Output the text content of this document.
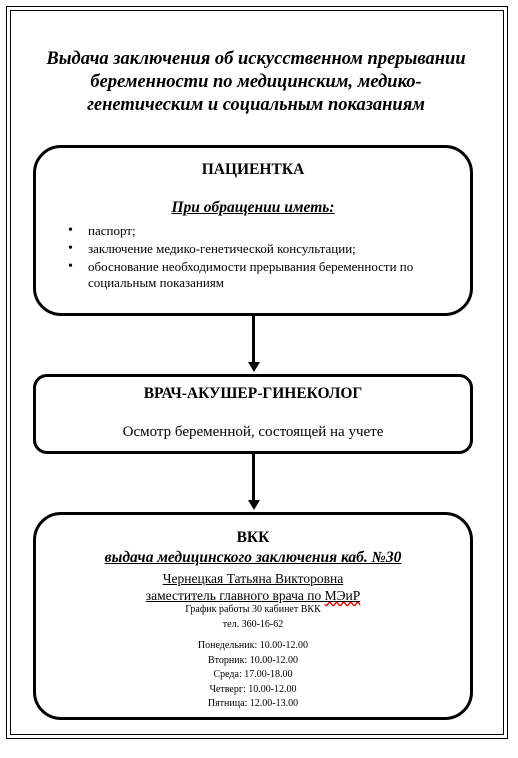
Выдача заключения об искусственном прерывании
беременности по медицинским, медико-
генетическим и социальным показаниям
ПАЦИЕНТКА
При обращении иметь:
• паспорт;
• заключение медико-генетической консультации;
• обоснование необходимости прерывания беременности по социальным показаниям
ВРАЧ-АКУШЕР-ГИНЕКОЛОГ
Осмотр беременной, состоящей на учете
ВКК
выдача медицинского заключения каб. №30
Чернецкая Татьяна Викторовна
заместитель главного врача по МЭиР
График работы 30 кабинет ВКК
тел. 360-16-62
Понедельник: 10.00-12.00
Вторник: 10.00-12.00
Среда: 17.00-18.00
Четверг: 10.00-12.00
Пятница: 12.00-13.00
